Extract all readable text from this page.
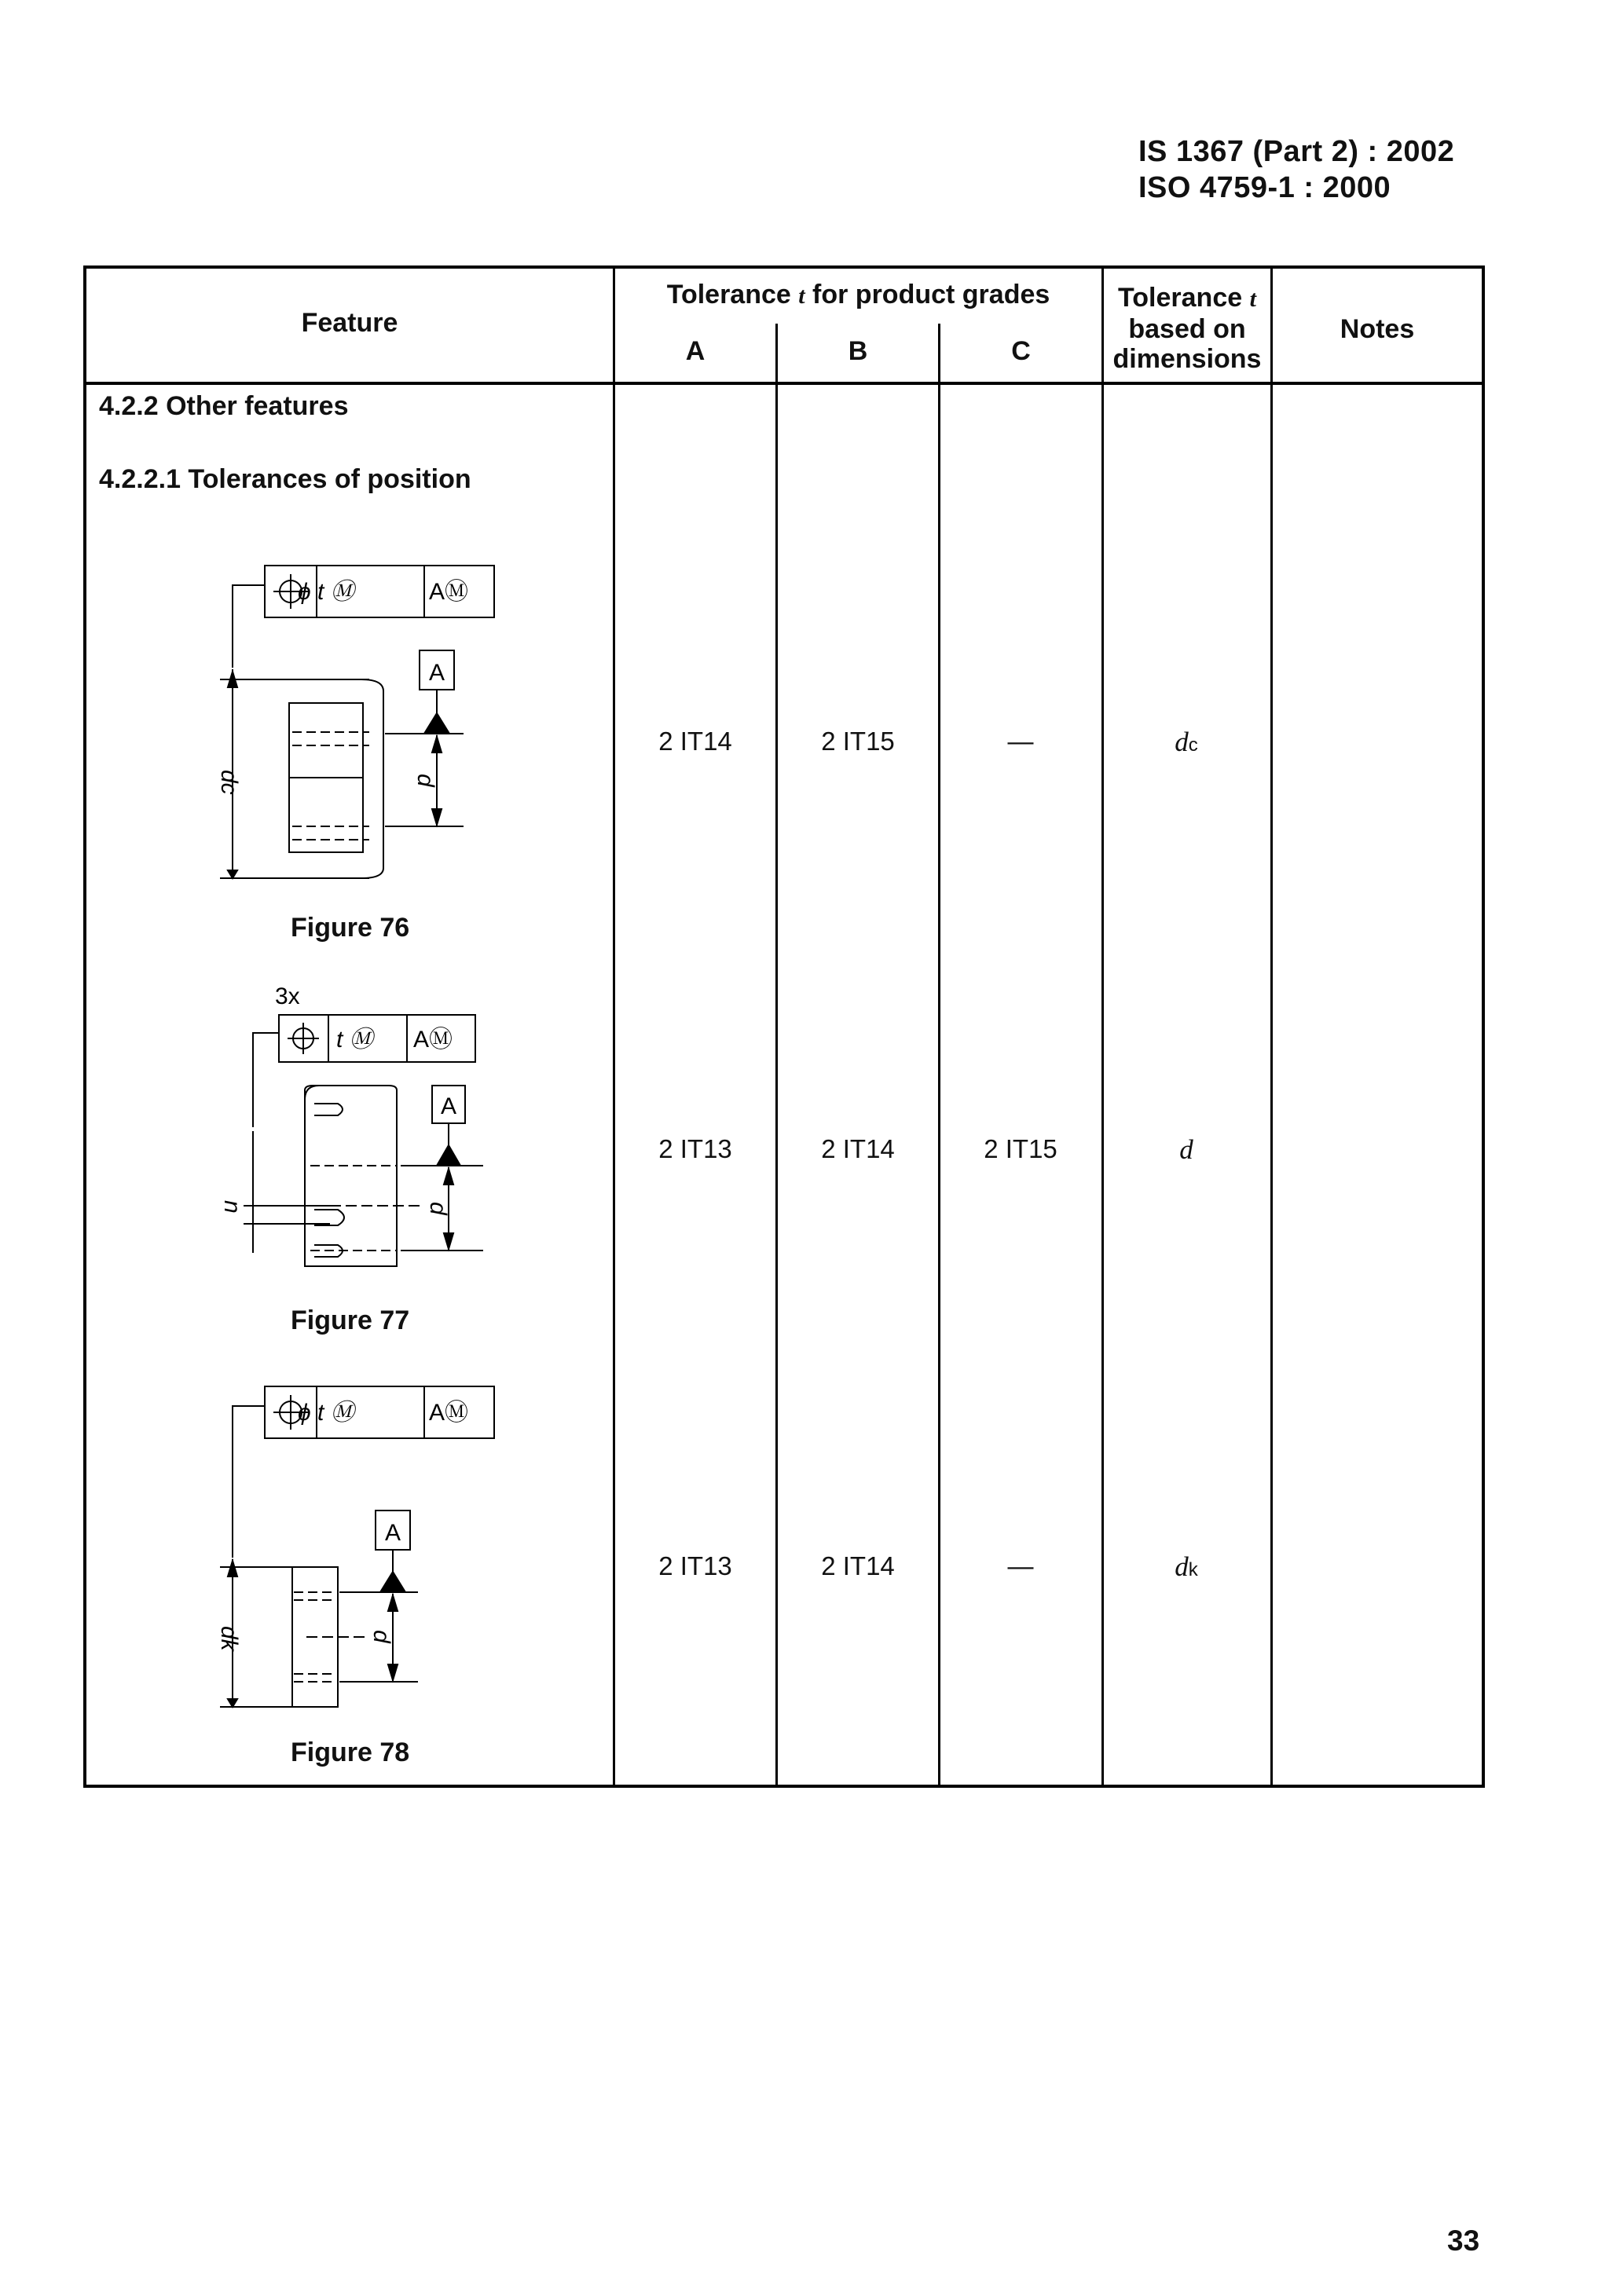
IS 1367 (Part 2) : 2002
ISO 4759-1 : 2000
Feature
Tolerance t for product grades
A	B	C
Tolerance t
based on
dimensions
Notes
4.2.2 Other features
4.2.2.1 Tolerances of position
ϕ t Ⓜ	AⓂ
A
dc	d
Figure 76
3x
t Ⓜ AⓂ
A
n	d
Figure 77
ϕ t Ⓜ	AⓂ
A
dk	d
Figure 78
2 IT14	2 IT15	—	dc
2 IT13	2 IT14	2 IT15	d
2 IT13	2 IT14	—	dk
33
